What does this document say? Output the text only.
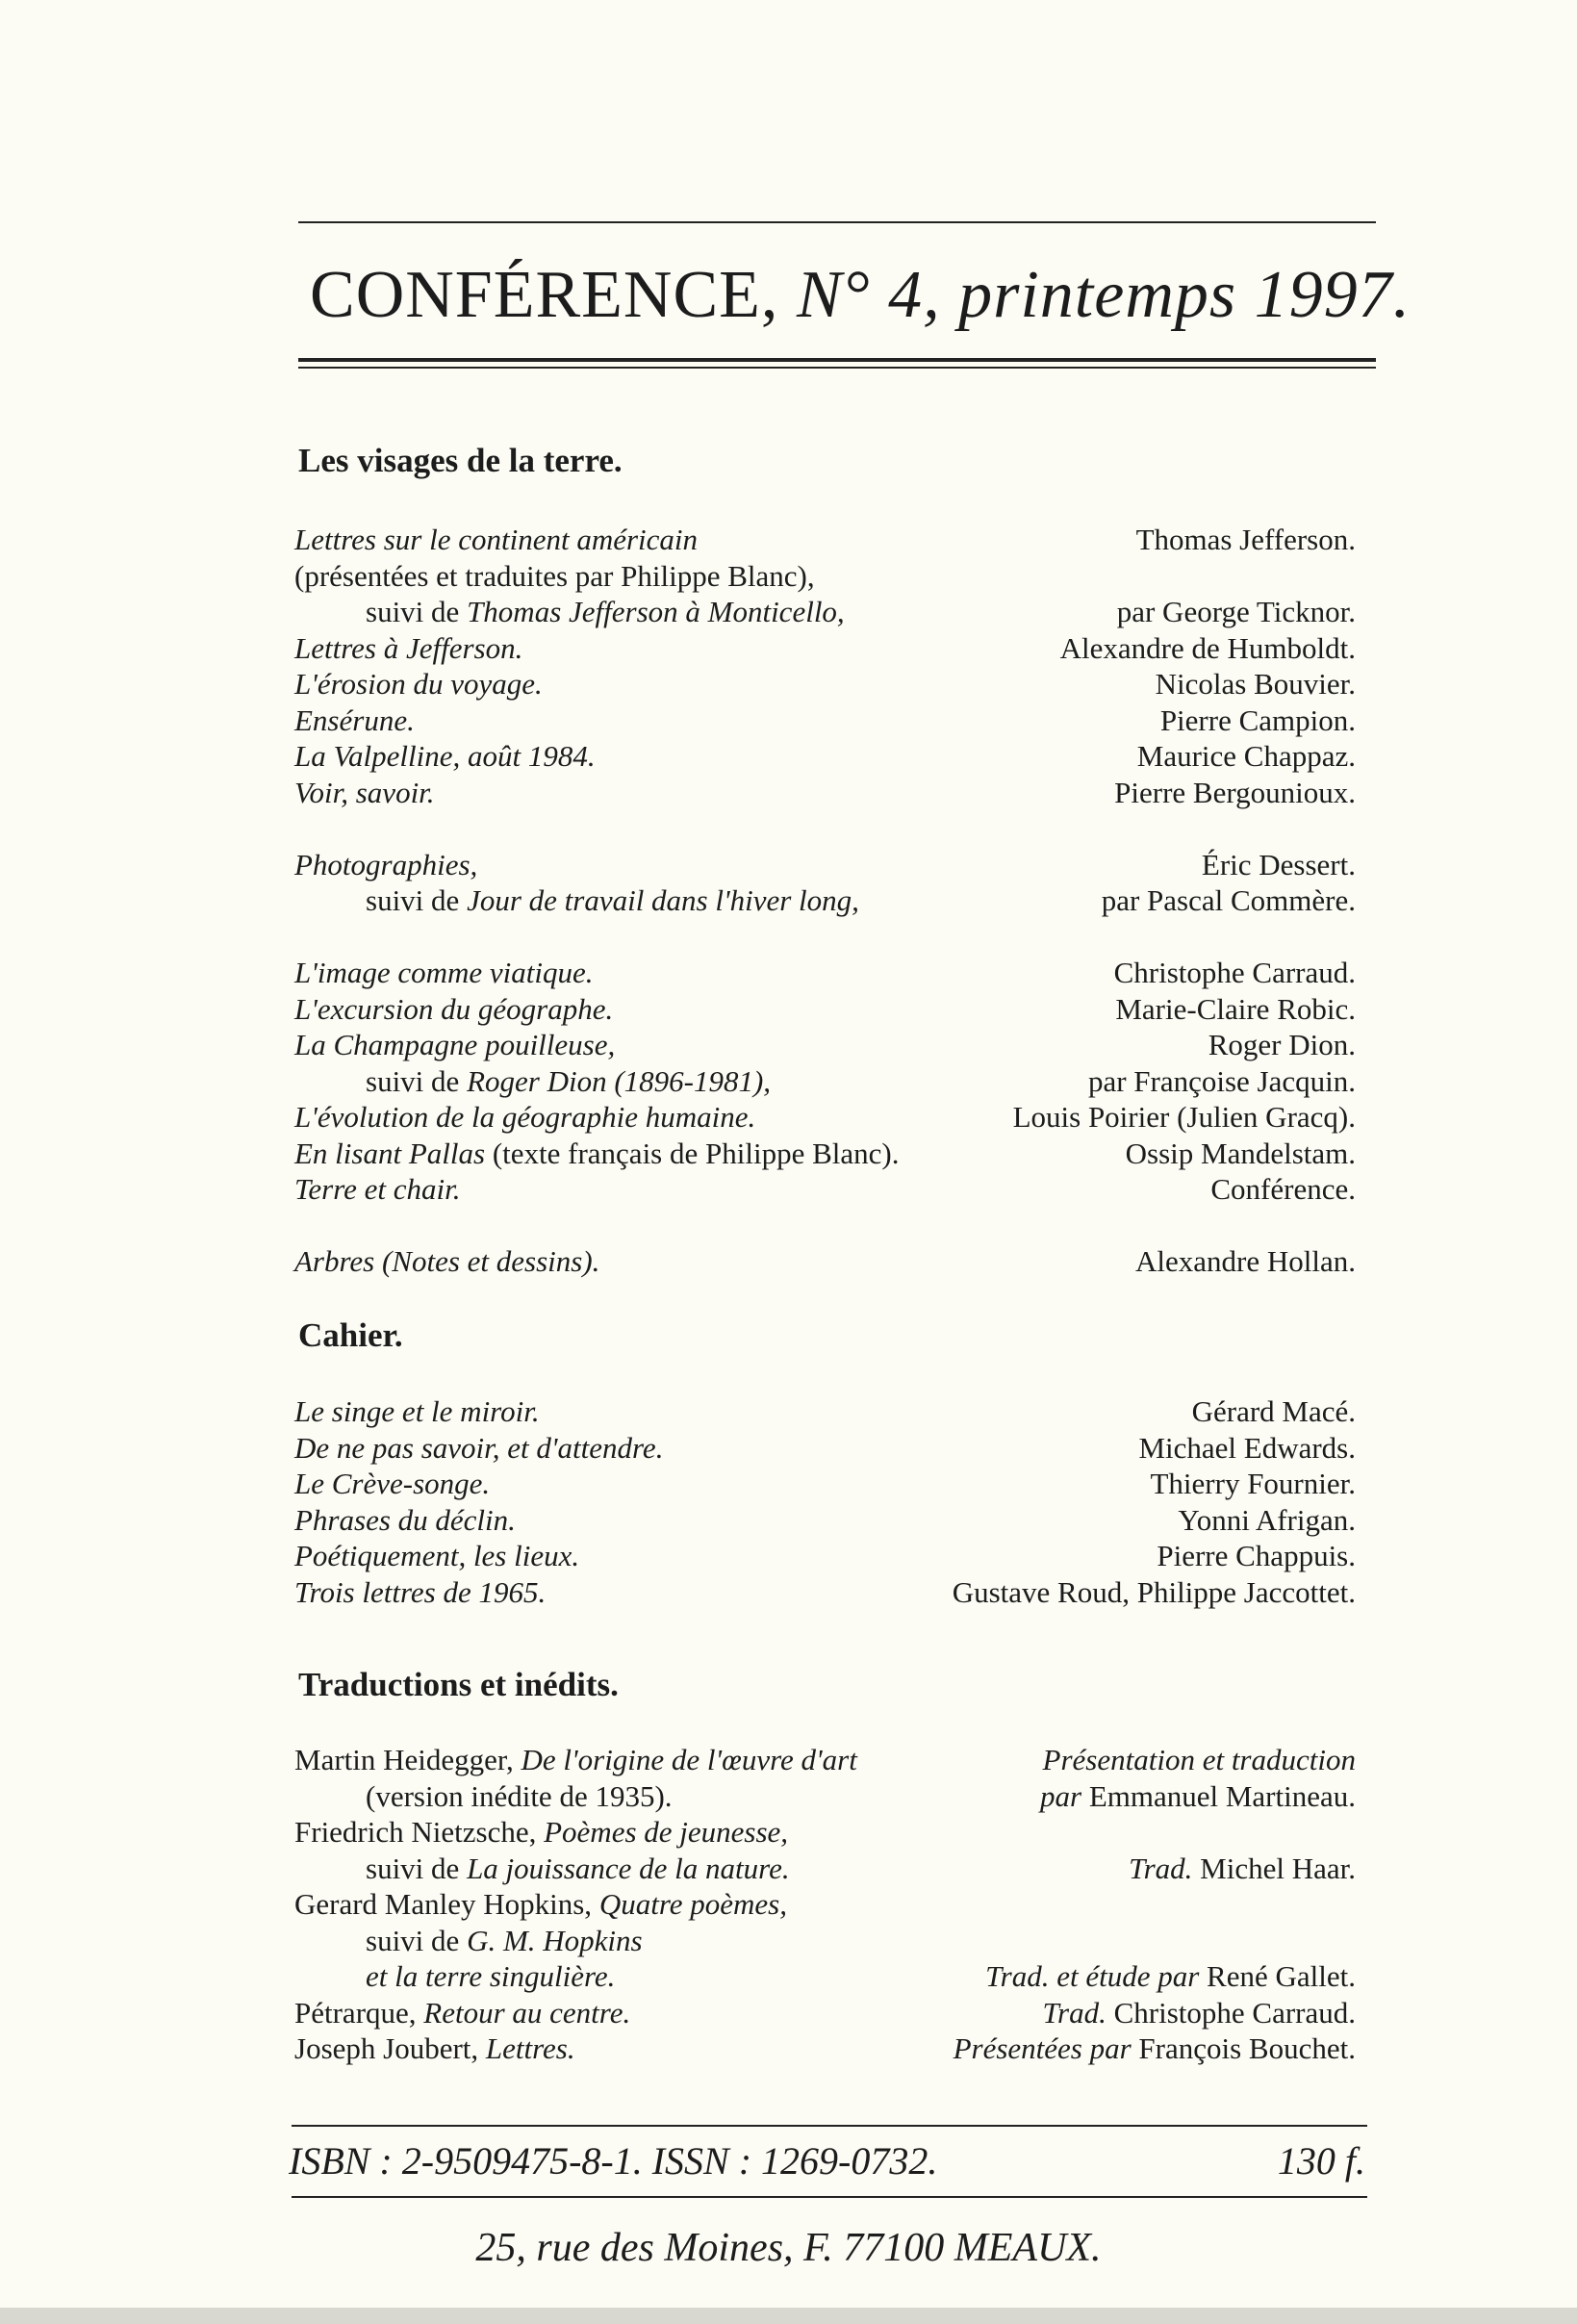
CONFÉRENCE, N° 4, printemps 1997.
Les visages de la terre.
Lettres sur le continent américain	Thomas Jefferson.
(présentées et traduites par Philippe Blanc),
suivi de Thomas Jefferson à Monticello,	par George Ticknor.
Lettres à Jefferson.	Alexandre de Humboldt.
L'érosion du voyage.	Nicolas Bouvier.
Ensérune.	Pierre Campion.
La Valpelline, août 1984.	Maurice Chappaz.
Voir, savoir.	Pierre Bergounioux.
Photographies,	Éric Dessert.
suivi de Jour de travail dans l'hiver long,	par Pascal Commère.
L'image comme viatique.	Christophe Carraud.
L'excursion du géographe.	Marie-Claire Robic.
La Champagne pouilleuse,	Roger Dion.
suivi de Roger Dion (1896-1981),	par Françoise Jacquin.
L'évolution de la géographie humaine.	Louis Poirier (Julien Gracq).
En lisant Pallas (texte français de Philippe Blanc).	Ossip Mandelstam.
Terre et chair.	Conférence.
Arbres (Notes et dessins).	Alexandre Hollan.
Cahier.
Le singe et le miroir.	Gérard Macé.
De ne pas savoir, et d'attendre.	Michael Edwards.
Le Crève-songe.	Thierry Fournier.
Phrases du déclin.	Yonni Afrigan.
Poétiquement, les lieux.	Pierre Chappuis.
Trois lettres de 1965.	Gustave Roud, Philippe Jaccottet.
Traductions et inédits.
Martin Heidegger, De l'origine de l'œuvre d'art	Présentation et traduction
(version inédite de 1935).	par Emmanuel Martineau.
Friedrich Nietzsche, Poèmes de jeunesse,
suivi de La jouissance de la nature.	Trad. Michel Haar.
Gerard Manley Hopkins, Quatre poèmes,
suivi de G. M. Hopkins
et la terre singulière.	Trad. et étude par René Gallet.
Pétrarque, Retour au centre.	Trad. Christophe Carraud.
Joseph Joubert, Lettres.	Présentées par François Bouchet.
ISBN : 2-9509475-8-1. ISSN : 1269-0732.	130 f.
25, rue des Moines, F. 77100 MEAUX.
